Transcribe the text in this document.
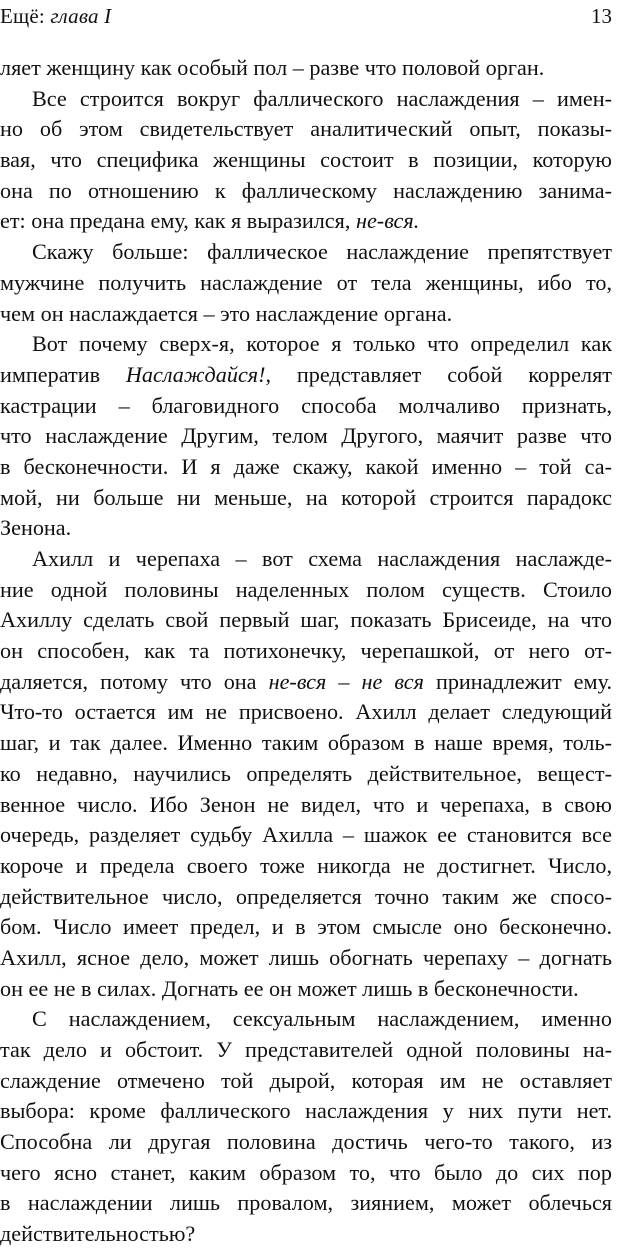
Ещё: глава I	13
ляет женщину как особый пол – разве что половой орган.
Все строится вокруг фаллического наслаждения – имен-
но об этом свидетельствует аналитический опыт, показы-
вая, что специфика женщины состоит в позиции, которую
она по отношению к фаллическому наслаждению занима-
ет: она предана ему, как я выразился, не-вся.
Скажу больше: фаллическое наслаждение препятствует
мужчине получить наслаждение от тела женщины, ибо то,
чем он наслаждается – это наслаждение органа.
Вот почему сверх-я, которое я только что определил как
императив Наслаждайся!, представляет собой коррелят
кастрации – благовидного способа молчаливо признать,
что наслаждение Другим, телом Другого, маячит разве что
в бесконечности. И я даже скажу, какой именно – той са-
мой, ни больше ни меньше, на которой строится парадокс
Зенона.
Ахилл и черепаха – вот схема наслаждения наслажде-
ние одной половины наделенных полом существ. Стоило
Ахиллу сделать свой первый шаг, показать Брисеиде, на что
он способен, как та потихонечку, черепашкой, от него от-
даляется, потому что она не-вся – не вся принадлежит ему.
Что-то остается им не присвоено. Ахилл делает следующий
шаг, и так далее. Именно таким образом в наше время, толь-
ко недавно, научились определять действительное, вещест-
венное число. Ибо Зенон не видел, что и черепаха, в свою
очередь, разделяет судьбу Ахилла – шажок ее становится все
короче и предела своего тоже никогда не достигнет. Число,
действительное число, определяется точно таким же спосо-
бом. Число имеет предел, и в этом смысле оно бесконечно.
Ахилл, ясное дело, может лишь обогнать черепаху – догнать
он ее не в силах. Догнать ее он может лишь в бесконечности.
С наслаждением, сексуальным наслаждением, именно
так дело и обстоит. У представителей одной половины на-
слаждение отмечено той дырой, которая им не оставляет
выбора: кроме фаллического наслаждения у них пути нет.
Способна ли другая половина достичь чего-то такого, из
чего ясно станет, каким образом то, что было до сих пор
в наслаждении лишь провалом, зиянием, может облечься
действительностью?
